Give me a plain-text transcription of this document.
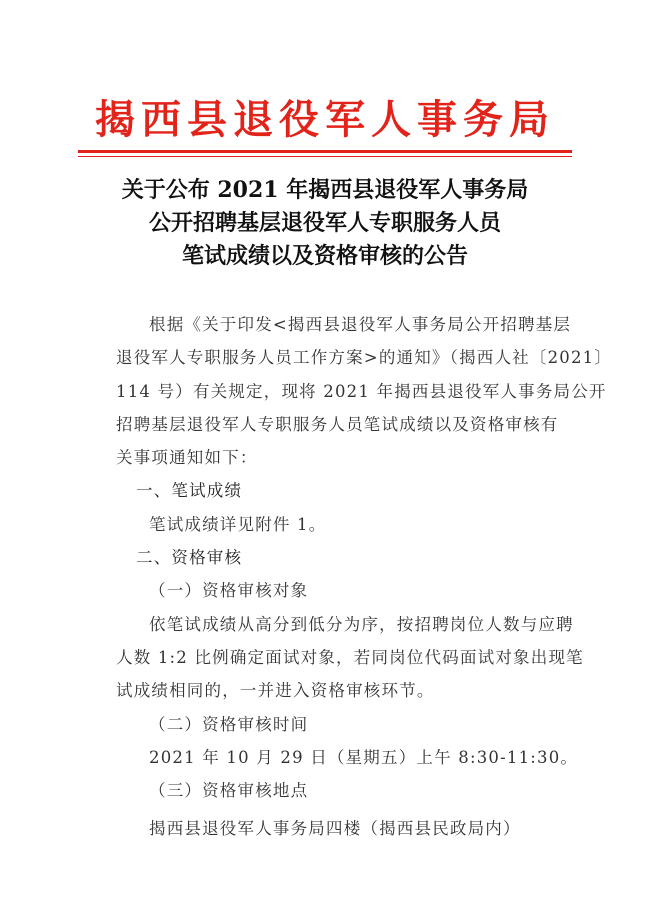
揭西县退役军人事务局
关于公布 2021 年揭西县退役军人事务局
公开招聘基层退役军人专职服务人员
笔试成绩以及资格审核的公告
根据《关于印发<揭西县退役军人事务局公开招聘基层
退役军人专职服务人员工作方案>的通知》（揭西人社〔2021〕
114 号）有关规定，现将 2021 年揭西县退役军人事务局公开
招聘基层退役军人专职服务人员笔试成绩以及资格审核有
关事项通知如下：
一、笔试成绩
笔试成绩详见附件 1。
二、资格审核
（一）资格审核对象
依笔试成绩从高分到低分为序，按招聘岗位人数与应聘
人数 1:2 比例确定面试对象，若同岗位代码面试对象出现笔
试成绩相同的，一并进入资格审核环节。
（二）资格审核时间
2021 年 10 月 29 日（星期五）上午 8:30-11:30。
（三）资格审核地点
揭西县退役军人事务局四楼（揭西县民政局内）
